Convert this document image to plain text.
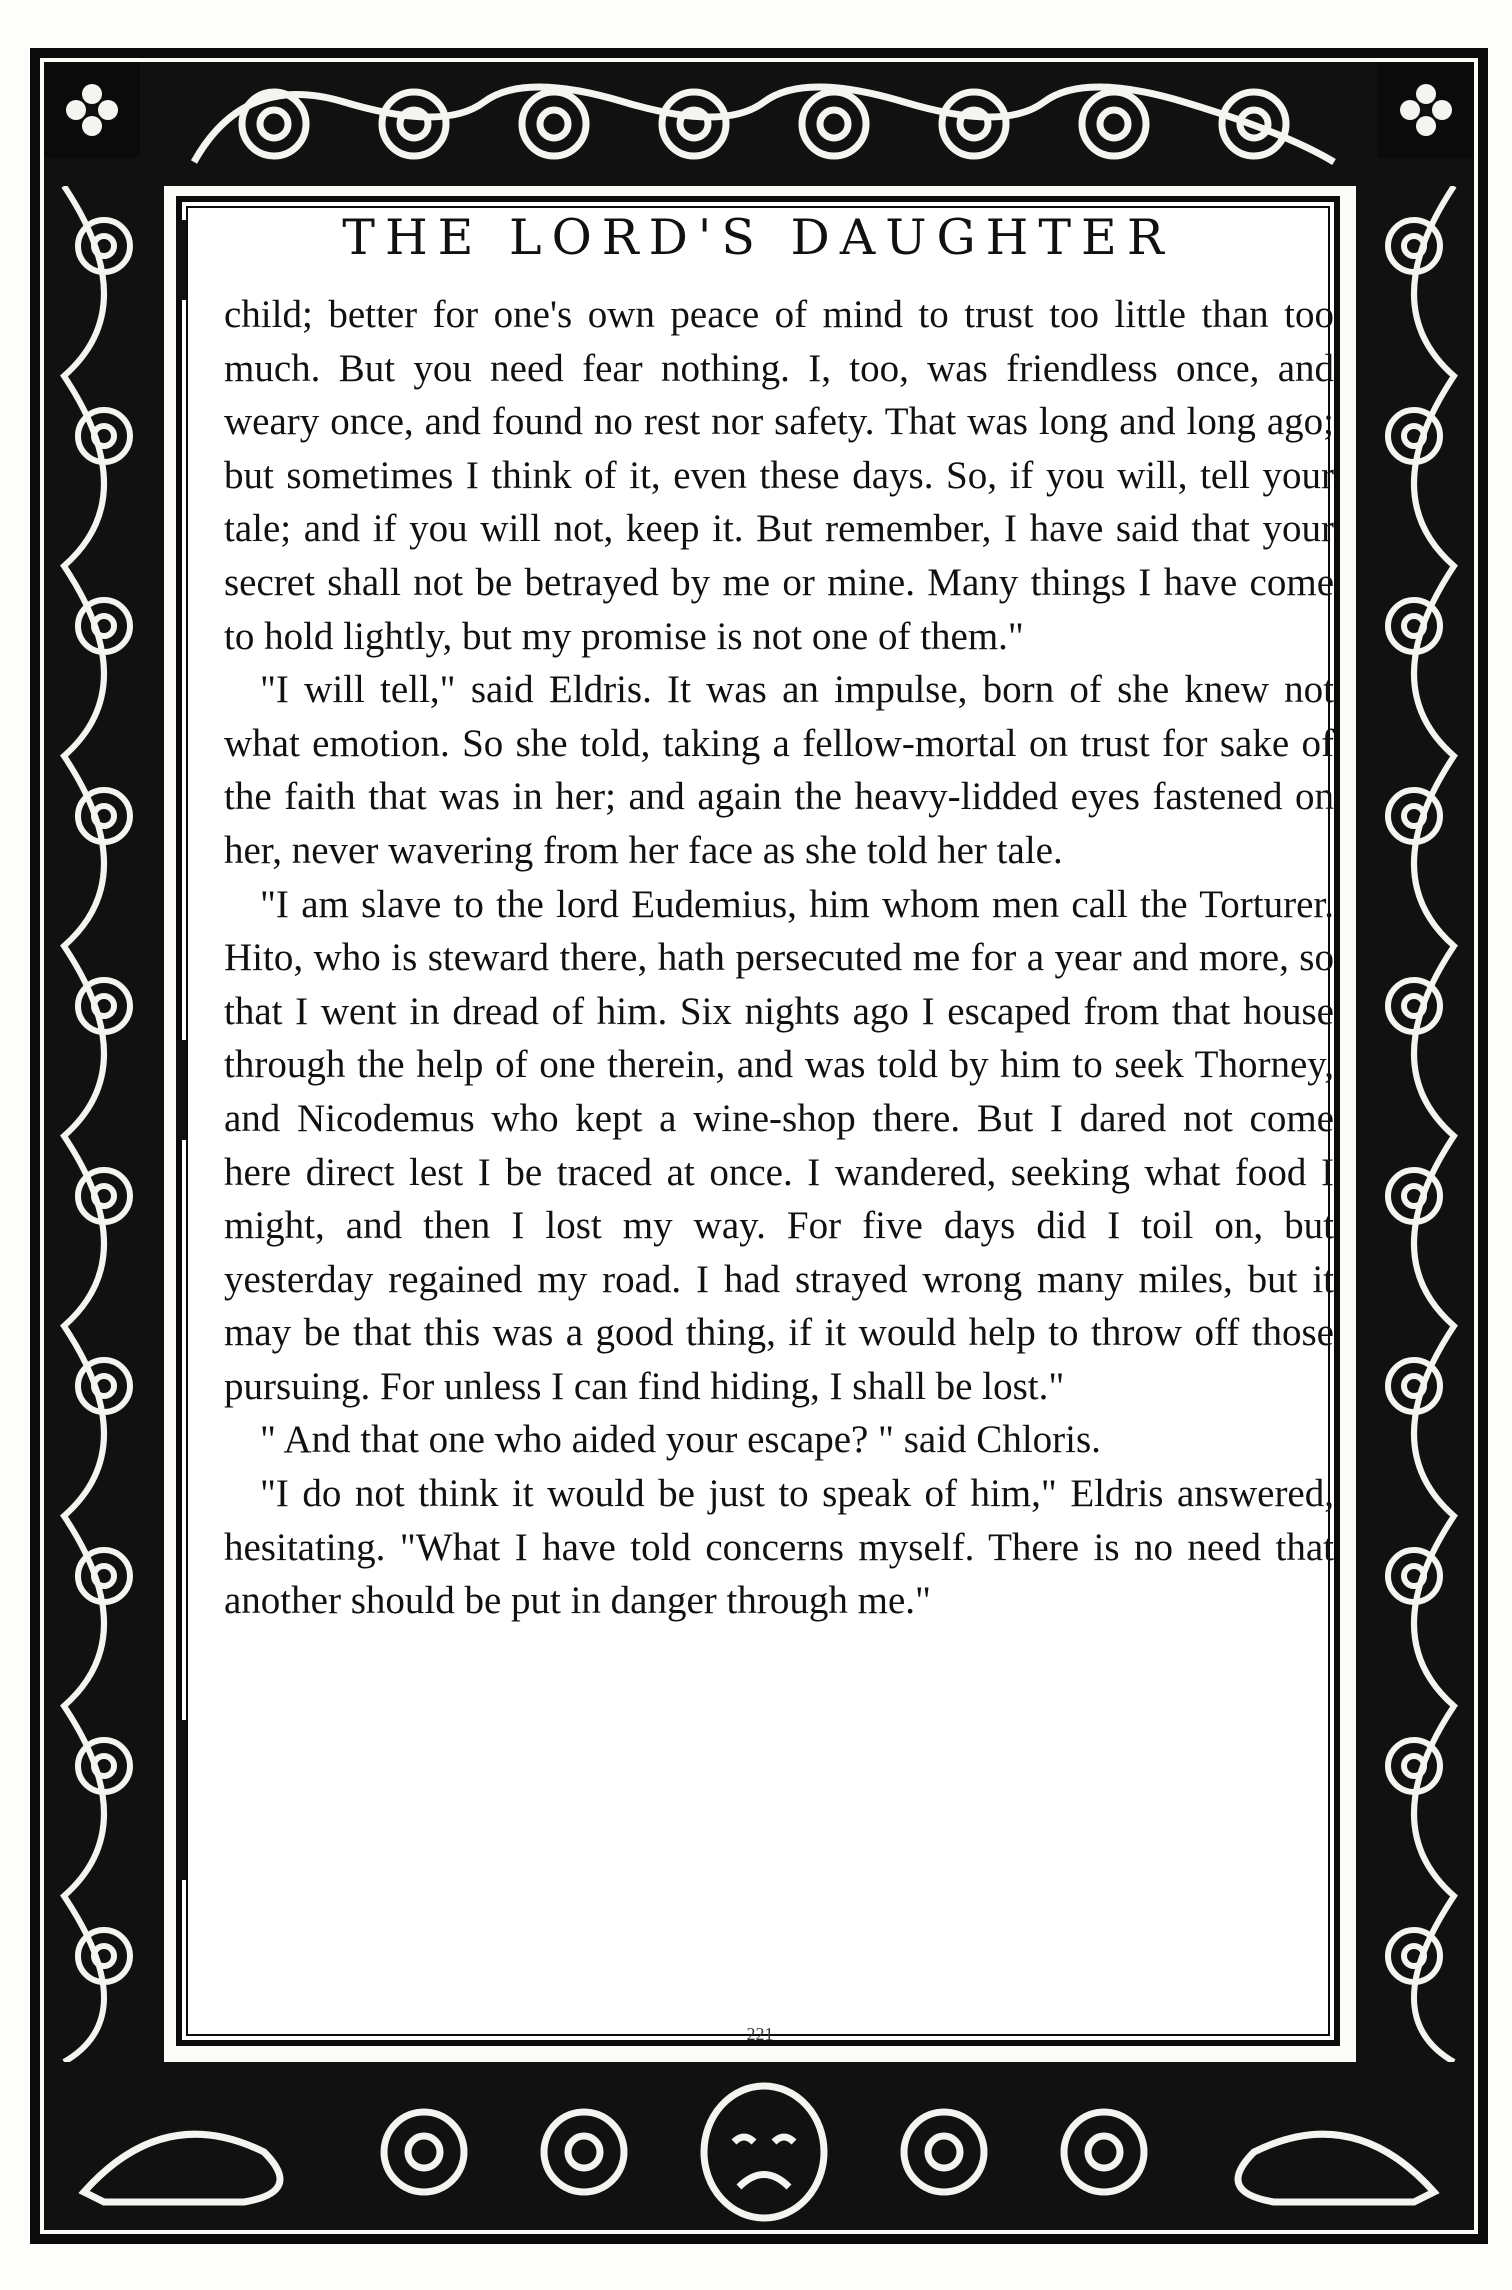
THE LORD'S DAUGHTER

child; better for one's own peace of mind to trust too little than too much. But you need fear nothing. I, too, was friendless once, and weary once, and found no rest nor safety. That was long and long ago; but sometimes I think of it, even these days. So, if you will, tell your tale; and if you will not, keep it. But remember, I have said that your secret shall not be betrayed by me or mine. Many things I have come to hold lightly, but my promise is not one of them."

"I will tell," said Eldris. It was an impulse, born of she knew not what emotion. So she told, taking a fellow-mortal on trust for sake of the faith that was in her; and again the heavy-lidded eyes fastened on her, never wavering from her face as she told her tale.

"I am slave to the lord Eudemius, him whom men call the Torturer. Hito, who is steward there, hath persecuted me for a year and more, so that I went in dread of him. Six nights ago I escaped from that house through the help of one therein, and was told by him to seek Thorney, and Nicodemus who kept a wine-shop there. But I dared not come here direct lest I be traced at once. I wandered, seeking what food I might, and then I lost my way. For five days did I toil on, but yesterday regained my road. I had strayed wrong many miles, but it may be that this was a good thing, if it would help to throw off those pursuing. For unless I can find hiding, I shall be lost."

" And that one who aided your escape? " said Chloris.

"I do not think it would be just to speak of him," Eldris answered, hesitating. "What I have told concerns myself. There is no need that another should be put in danger through me."

221
